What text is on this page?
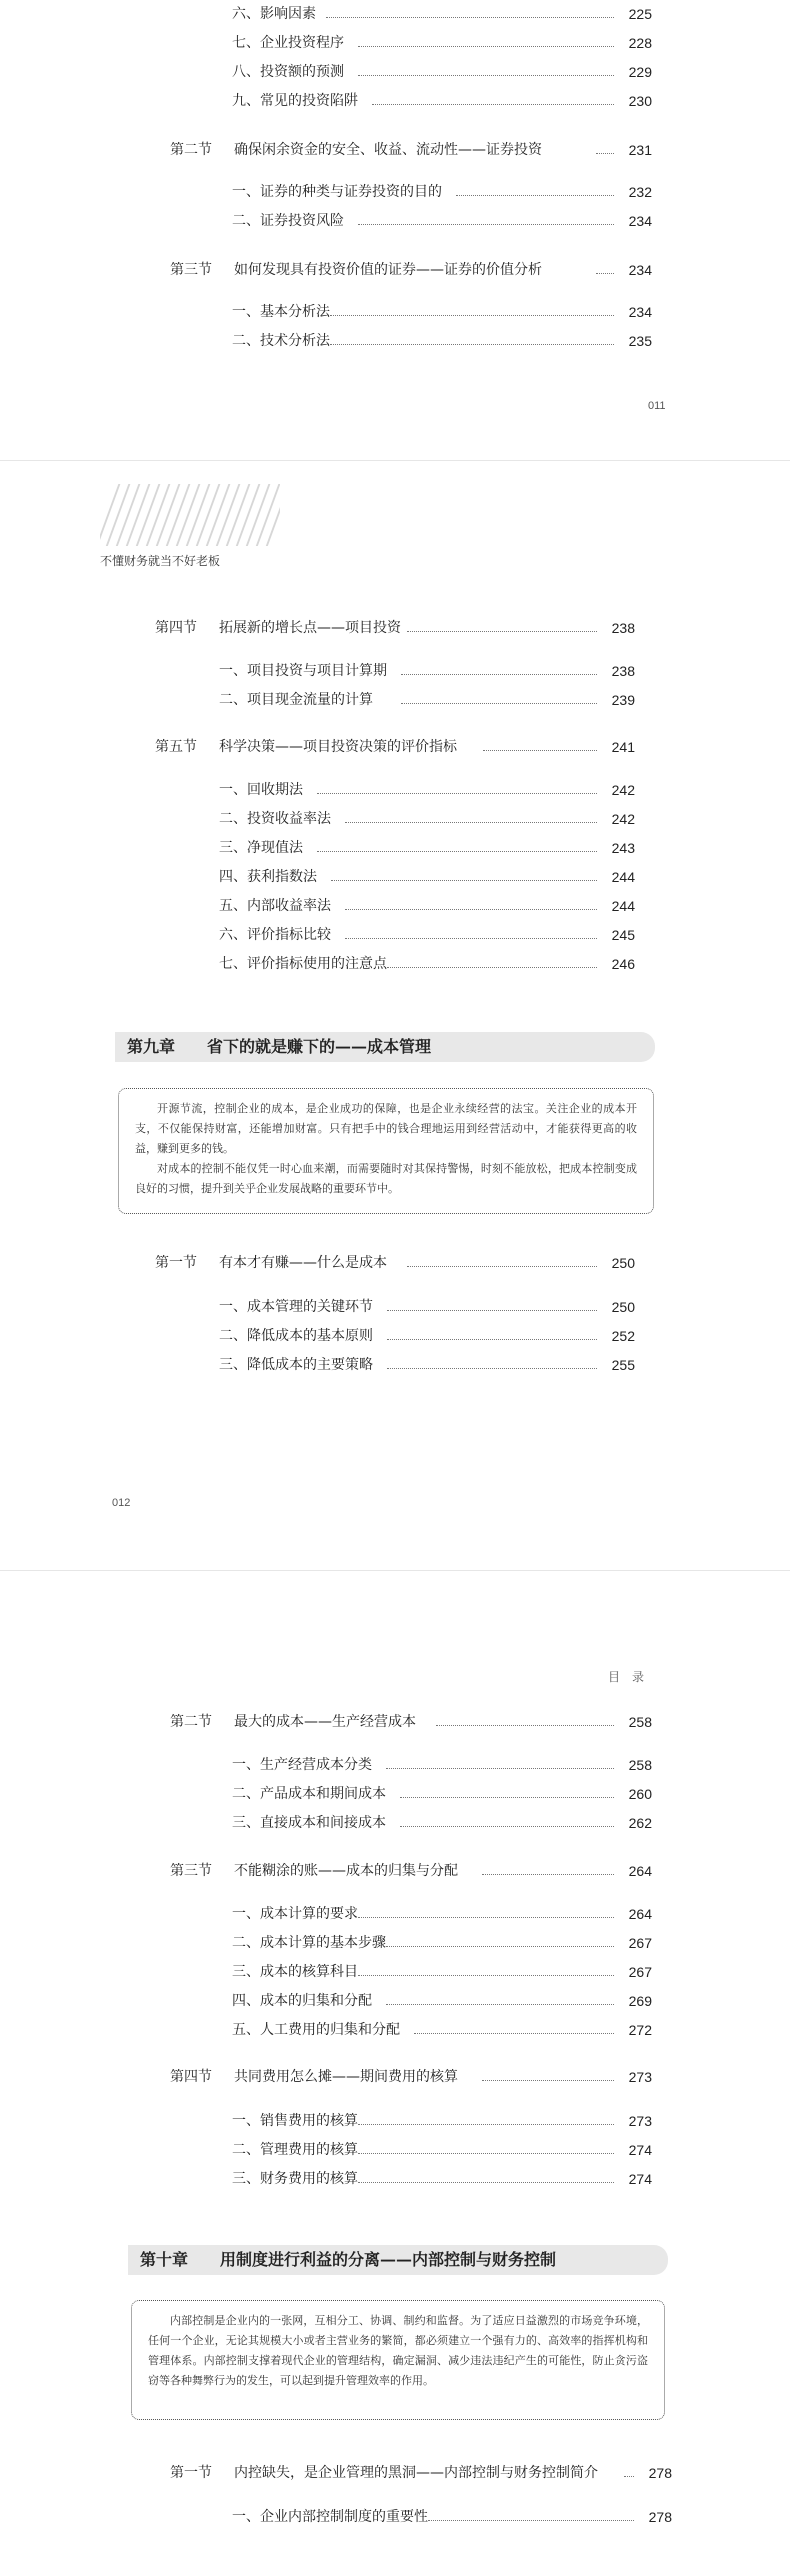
六、影响因素	225
七、企业投资程序	228
八、投资额的预测	229
九、常见的投资陷阱	230
第二节 确保闲余资金的安全、收益、流动性——证券投资	231
一、证券的种类与证券投资的目的	232
二、证券投资风险	234
第三节 如何发现具有投资价值的证券——证券的价值分析	234
一、基本分析法	234
二、技术分析法	235
011
不懂财务就当不好老板
第四节 拓展新的增长点——项目投资	238
一、项目投资与项目计算期	238
二、项目现金流量的计算	239
第五节 科学决策——项目投资决策的评价指标	241
一、回收期法	242
二、投资收益率法	242
三、净现值法	243
四、获利指数法	244
五、内部收益率法	244
六、评价指标比较	245
七、评价指标使用的注意点	246
第九章 省下的就是赚下的——成本管理

开源节流，控制企业的成本，是企业成功的保障，也是企业永续经营的法宝。关注企业的成本开支，不仅能保持财富，还能增加财富。只有把手中的钱合理地运用到经营活动中，才能获得更高的收益，赚到更多的钱。

对成本的控制不能仅凭一时心血来潮，而需要随时对其保持警惕，时刻不能放松，把成本控制变成良好的习惯，提升到关乎企业发展战略的重要环节中。

第一节 有本才有赚——什么是成本	250
一、成本管理的关键环节	250
二、降低成本的基本原则	252
三、降低成本的主要策略	255
012
目录
第二节 最大的成本——生产经营成本	258
一、生产经营成本分类	258
二、产品成本和期间成本	260
三、直接成本和间接成本	262
第三节 不能糊涂的账——成本的归集与分配	264
一、成本计算的要求	264
二、成本计算的基本步骤	267
三、成本的核算科目	267
四、成本的归集和分配	269
五、人工费用的归集和分配	272
第四节 共同费用怎么摊——期间费用的核算	273
一、销售费用的核算	273
二、管理费用的核算	274
三、财务费用的核算	274
第十章 用制度进行利益的分离——内部控制与财务控制

内部控制是企业内的一张网，互相分工、协调、制约和监督。为了适应日益激烈的市场竞争环境，任何一个企业，无论其规模大小或者主营业务的繁简，都必须建立一个强有力的、高效率的指挥机构和管理体系。内部控制支撑着现代企业的管理结构，确定漏洞、减少违法违纪产生的可能性，防止贪污盗窃等各种舞弊行为的发生，可以起到提升管理效率的作用。

第一节 内控缺失，是企业管理的黑洞——内部控制与财务控制简介	278
一、企业内部控制制度的重要性	278
